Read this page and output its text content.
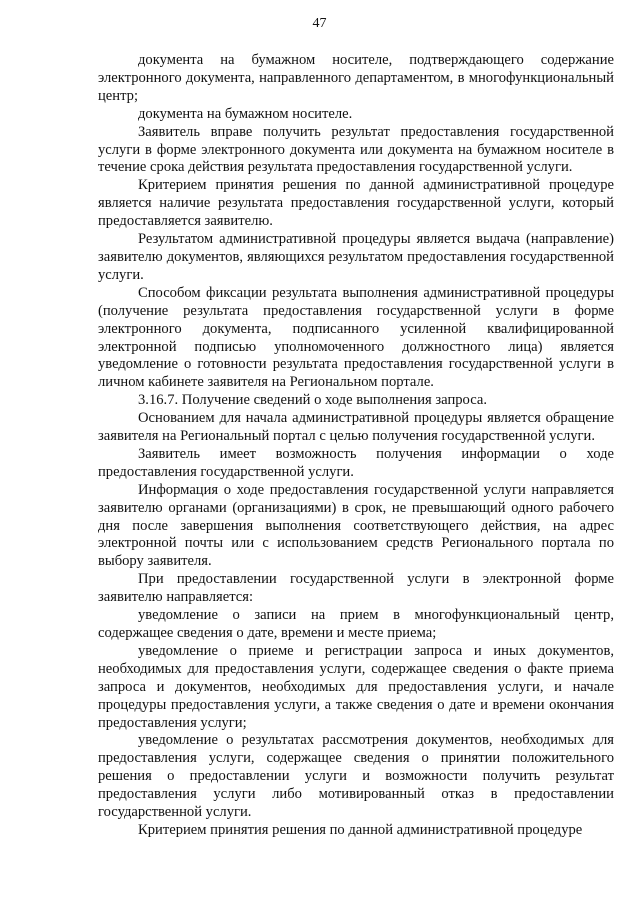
47

документа на бумажном носителе, подтверждающего содержание электронного документа, направленного департаментом, в многофункциональный центр;

документа на бумажном носителе.

Заявитель вправе получить результат предоставления государственной услуги в форме электронного документа или документа на бумажном носителе в течение срока действия результата предоставления государственной услуги.

Критерием принятия решения по данной административной процедуре является наличие результата предоставления государственной услуги, который предоставляется заявителю.

Результатом административной процедуры является выдача (направление) заявителю документов, являющихся результатом предоставления государственной услуги.

Способом фиксации результата выполнения административной процедуры (получение результата предоставления государственной услуги в форме электронного документа, подписанного усиленной квалифицированной электронной подписью уполномоченного должностного лица) является уведомление о готовности результата предоставления государственной услуги в личном кабинете заявителя на Региональном портале.

3.16.7. Получение сведений о ходе выполнения запроса.

Основанием для начала административной процедуры является обращение заявителя на Региональный портал с целью получения государственной услуги.

Заявитель имеет возможность получения информации о ходе предоставления государственной услуги.

Информация о ходе предоставления государственной услуги направляется заявителю органами (организациями) в срок, не превышающий одного рабочего дня после завершения выполнения соответствующего действия, на адрес электронной почты или с использованием средств Регионального портала по выбору заявителя.

При предоставлении государственной услуги в электронной форме заявителю направляется:

уведомление о записи на прием в многофункциональный центр, содержащее сведения о дате, времени и месте приема;

уведомление о приеме и регистрации запроса и иных документов, необходимых для предоставления услуги, содержащее сведения о факте приема запроса и документов, необходимых для предоставления услуги, и начале процедуры предоставления услуги, а также сведения о дате и времени окончания предоставления услуги;

уведомление о результатах рассмотрения документов, необходимых для предоставления услуги, содержащее сведения о принятии положительного решения о предоставлении услуги и возможности получить результат предоставления услуги либо мотивированный отказ в предоставлении государственной услуги.

Критерием принятия решения по данной административной процедуре
